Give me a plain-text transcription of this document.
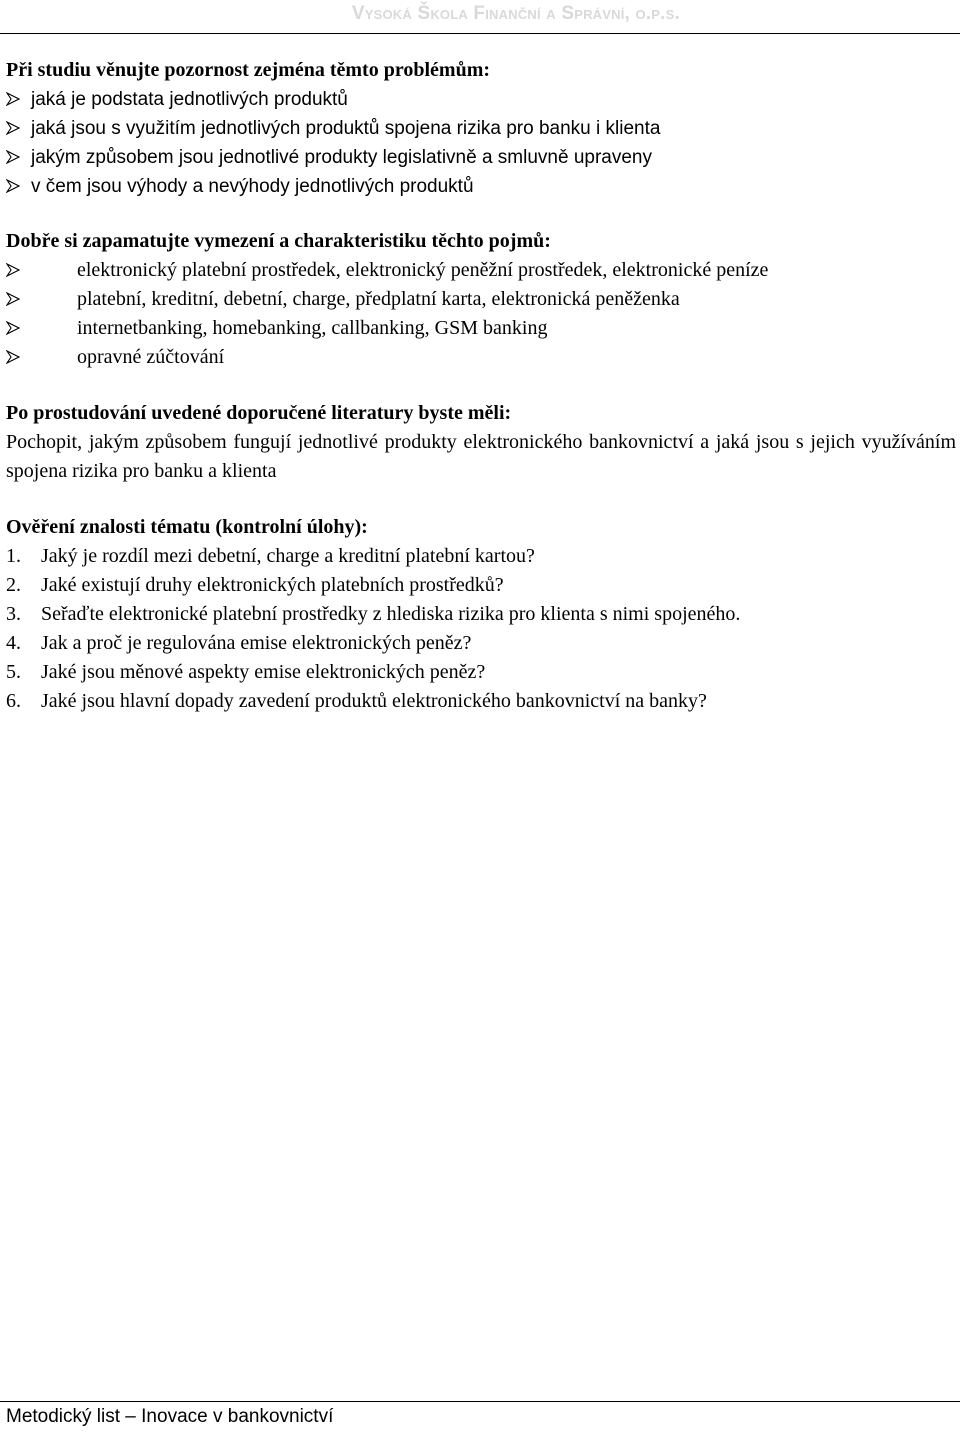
Vysoká Škola Finanční a Správní, o.p.s.
Při studiu věnujte pozornost zejména těmto problémům:
jaká je podstata jednotlivých produktů
jaká jsou s využitím jednotlivých produktů spojena rizika pro banku i klienta
jakým způsobem jsou jednotlivé produkty legislativně a smluvně upraveny
v čem jsou výhody a nevýhody jednotlivých produktů
Dobře si zapamatujte vymezení a charakteristiku těchto pojmů:
elektronický platební prostředek, elektronický peněžní prostředek, elektronické peníze
platební, kreditní, debetní, charge, předplatní karta, elektronická peněženka
internetbanking, homebanking, callbanking, GSM banking
opravné zúčtování
Po prostudování uvedené doporučené literatury byste měli:
Pochopit, jakým způsobem fungují jednotlivé produkty elektronického bankovnictví a jaká jsou s jejich využíváním spojena rizika pro banku a klienta
Ověření znalosti tématu (kontrolní úlohy):
1. Jaký je rozdíl mezi debetní, charge a kreditní platební kartou?
2. Jaké existují druhy elektronických platebních prostředků?
3. Seřaďte elektronické platební prostředky z hlediska rizika pro klienta s nimi spojeného.
4. Jak a proč je regulována emise elektronických peněz?
5. Jaké jsou měnové aspekty emise elektronických peněz?
6. Jaké jsou hlavní dopady zavedení produktů elektronického bankovnictví na banky?
Metodický list – Inovace v bankovnictví
